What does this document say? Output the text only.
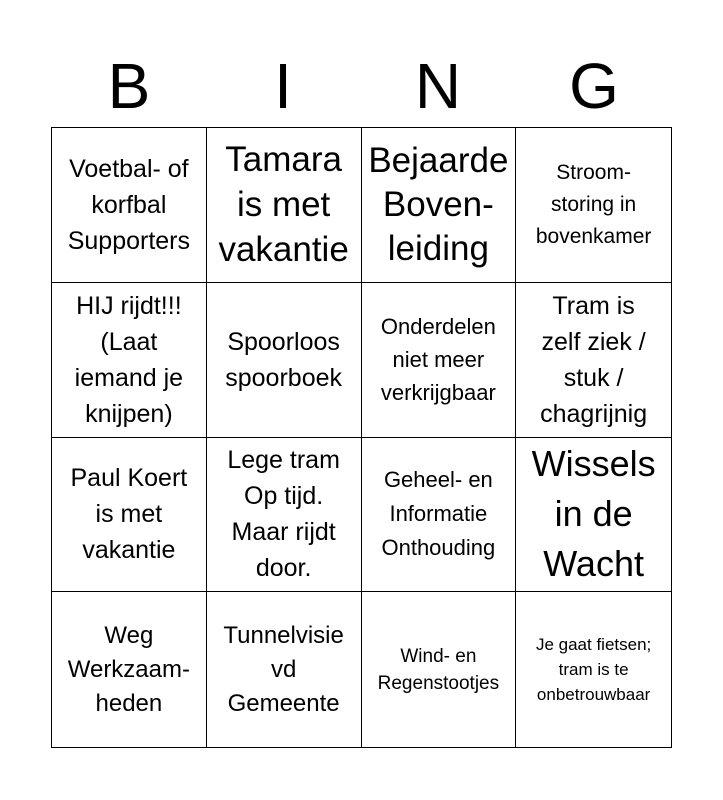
B	I	N	G
Voetbal- of
korfbal
Supporters
Tamara
is met
vakantie
Bejaarde
Boven-
leiding
Stroom-
storing in
bovenkamer
HIJ rijdt!!!
(Laat
iemand je
knijpen)
Spoorloos
spoorboek
Onderdelen
niet meer
verkrijgbaar
Tram is
zelf ziek /
stuk /
chagrijnig
Paul Koert
is met
vakantie
Lege tram
Op tijd.
Maar rijdt
door.
Geheel- en
Informatie
Onthouding
Wissels
in de
Wacht
Weg
Werkzaam-
heden
Tunnelvisie
vd
Gemeente
Wind- en
Regenstootjes
Je gaat fietsen;
tram is te
onbetrouwbaar
